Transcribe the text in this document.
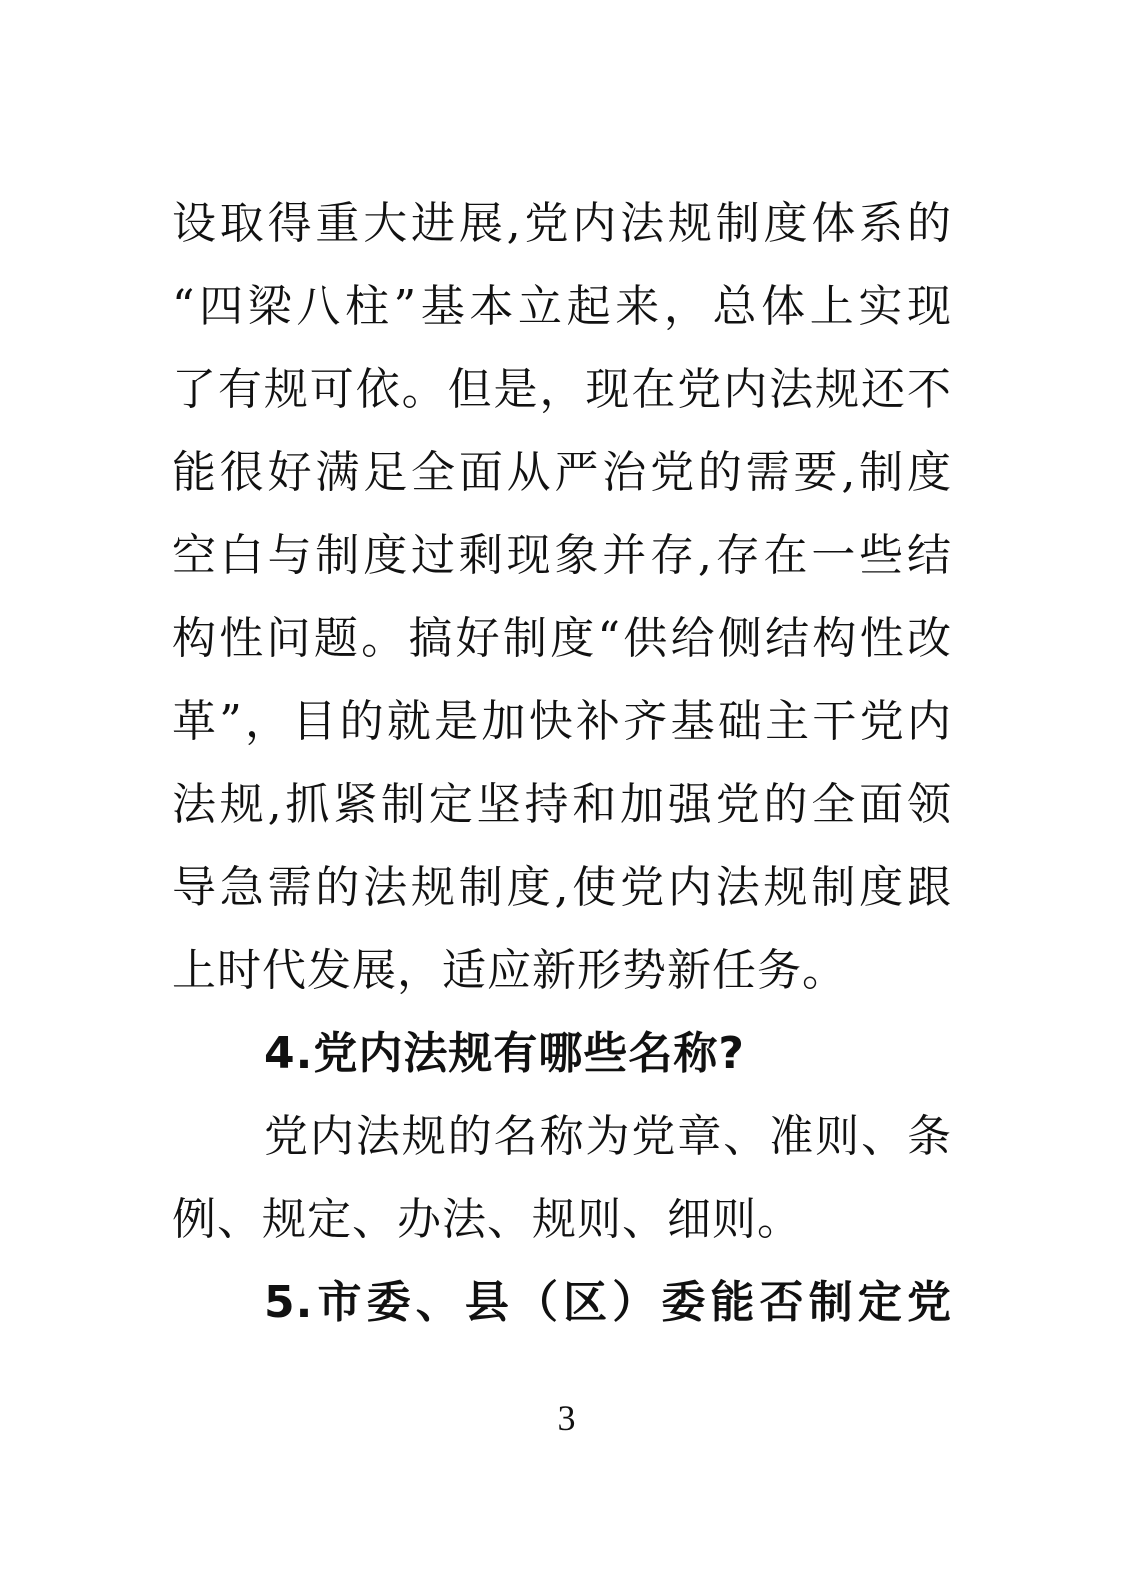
设取得重大进展,党内法规制度体系的
“四梁八柱”基本立起来，总体上实现
了有规可依。但是，现在党内法规还不
能很好满足全面从严治党的需要,制度
空白与制度过剩现象并存,存在一些结
构性问题。搞好制度“供给侧结构性改
革”，目的就是加快补齐基础主干党内
法规,抓紧制定坚持和加强党的全面领
导急需的法规制度,使党内法规制度跟
上时代发展，适应新形势新任务。
4.党内法规有哪些名称?
党内法规的名称为党章、准则、条
例、规定、办法、规则、细则。
5.市委、县（区）委能否制定党
3
